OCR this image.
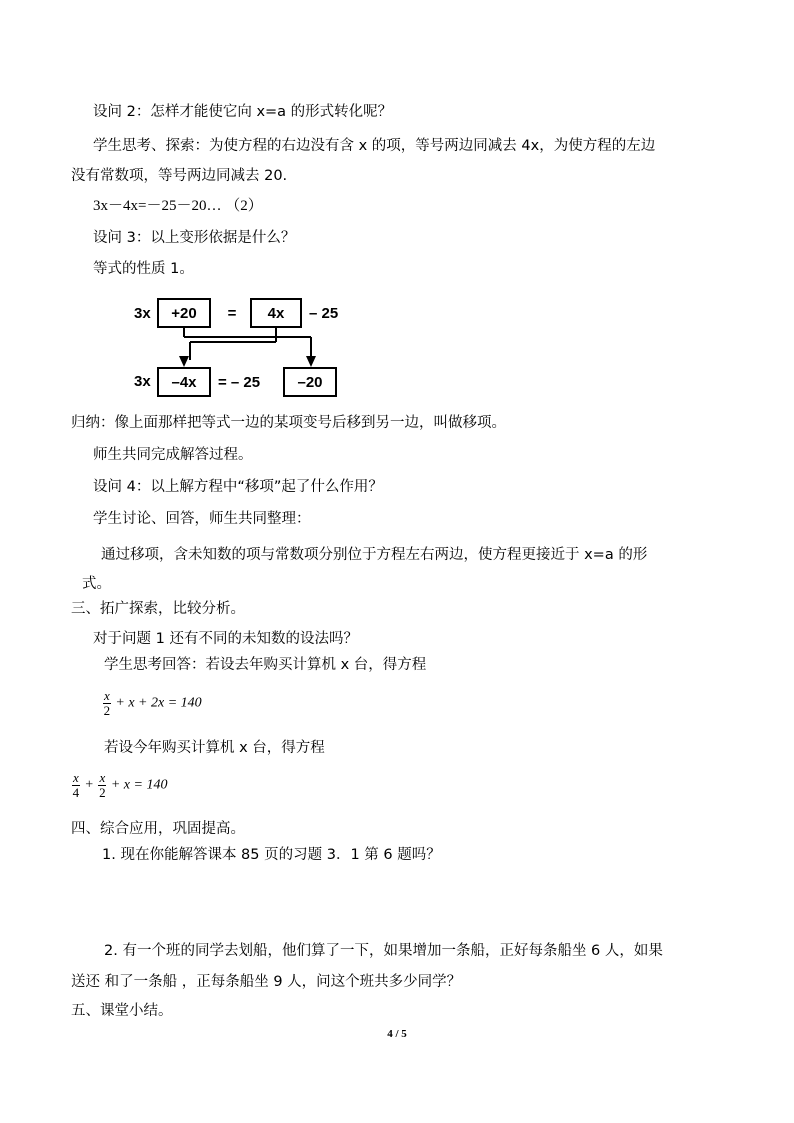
设问 2：怎样才能使它向 x=a 的形式转化呢？
学生思考、探索：为使方程的右边没有含 x 的项，等号两边同减去 4x，为使方程的左边
没有常数项，等号两边同减去 20.
3x－4x=－25－20… （2）
设问 3：以上变形依据是什么？
等式的性质 1。
3x +20 = 4x – 25
3x –4x = – 25 –20
归纳：像上面那样把等式一边的某项变号后移到另一边，叫做移项。
师生共同完成解答过程。
设问 4：以上解方程中“移项”起了什么作用？
学生讨论、回答，师生共同整理：
通过移项，含未知数的项与常数项分别位于方程左右两边，使方程更接近于 x=a 的形
式。
三、拓广探索，比较分析。
对于问题 1 还有不同的未知数的设法吗？
学生思考回答：若设去年购买计算机 x 台，得方程
$\frac{x}{2} + x + 2x = 140$
若设今年购买计算机 x 台，得方程
$\frac{x}{4} + \frac{x}{2} + x = 140$
四、综合应用，巩固提高。
1. 现在你能解答课本 85 页的习题 3．1 第 6 题吗？
2. 有一个班的同学去划船，他们算了一下，如果增加一条船，正好每条船坐 6 人，如果
送还 和了一条船 ，正每条船坐 9 人，问这个班共多少同学？
五、课堂小结。
4 / 5
